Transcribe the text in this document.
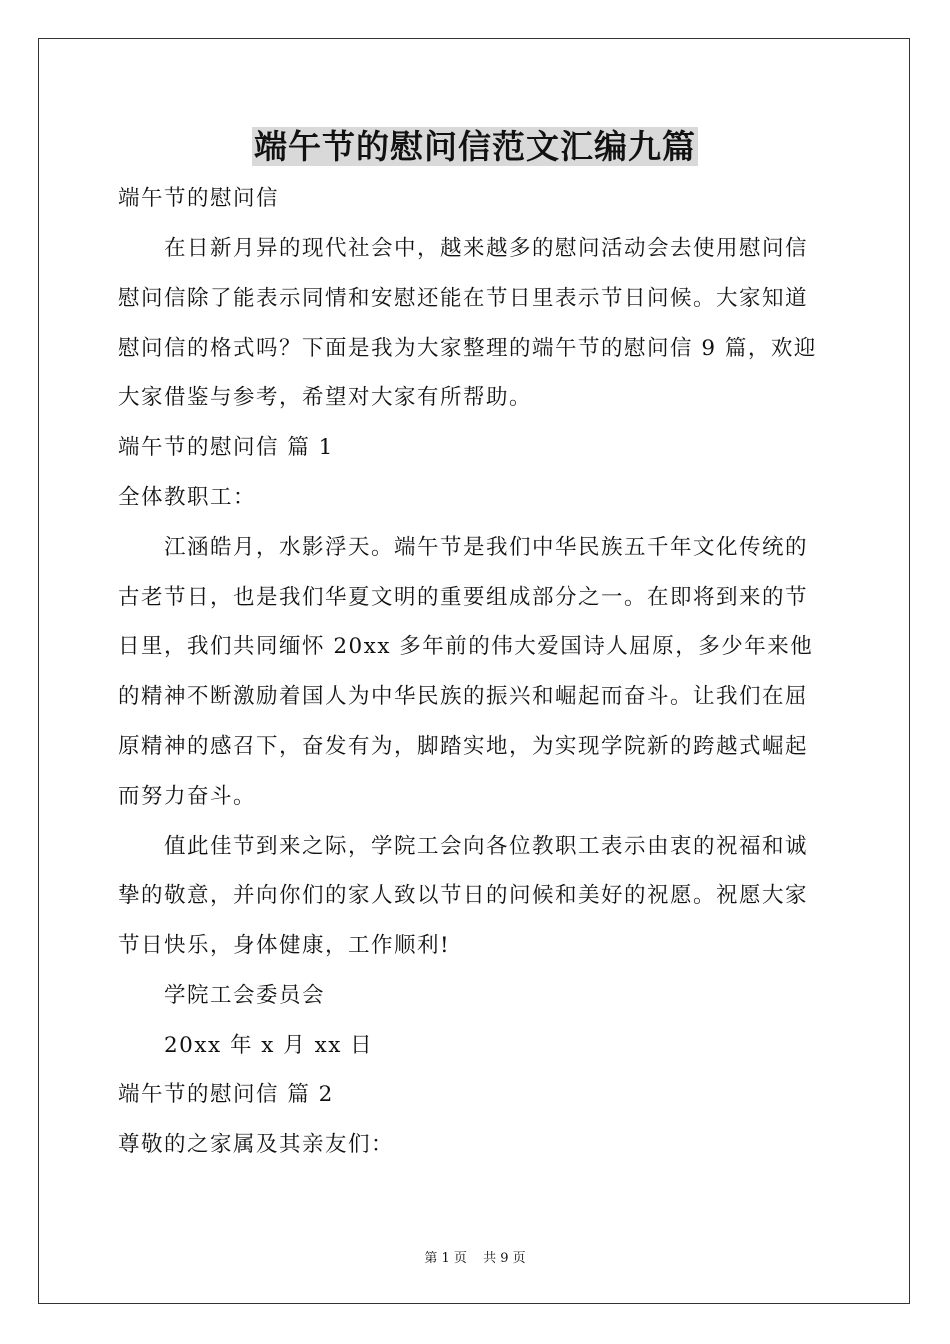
端午节的慰问信范文汇编九篇
端午节的慰问信
在日新月异的现代社会中，越来越多的慰问活动会去使用慰问信
慰问信除了能表示同情和安慰还能在节日里表示节日问候。大家知道
慰问信的格式吗？下面是我为大家整理的端午节的慰问信 9 篇，欢迎
大家借鉴与参考，希望对大家有所帮助。
端午节的慰问信 篇 1
全体教职工：
江涵皓月，水影浮天。端午节是我们中华民族五千年文化传统的
古老节日，也是我们华夏文明的重要组成部分之一。在即将到来的节
日里，我们共同缅怀 20xx 多年前的伟大爱国诗人屈原，多少年来他
的精神不断激励着国人为中华民族的振兴和崛起而奋斗。让我们在屈
原精神的感召下，奋发有为，脚踏实地，为实现学院新的跨越式崛起
而努力奋斗。
值此佳节到来之际，学院工会向各位教职工表示由衷的祝福和诚
挚的敬意，并向你们的家人致以节日的问候和美好的祝愿。祝愿大家
节日快乐，身体健康，工作顺利!
学院工会委员会
20xx 年 x 月 xx 日
端午节的慰问信 篇 2
尊敬的之家属及其亲友们：
第 1 页 共 9 页
